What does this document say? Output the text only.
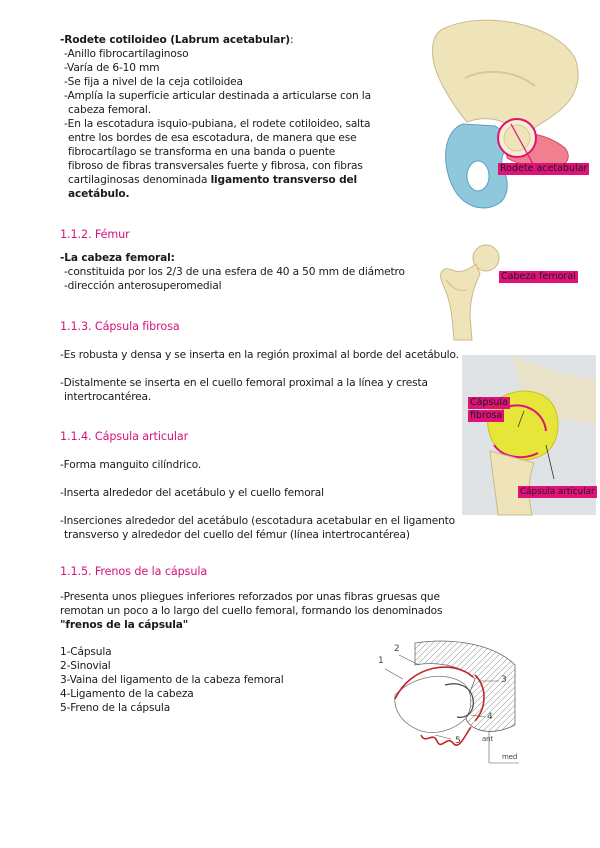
-Rodete cotiloideo (Labrum acetabular):
-Anillo fibrocartilaginoso
-Varía de 6-10 mm
-Se fija a nivel de la ceja cotiloidea
-Amplía la superficie articular destinada a articularse con la
cabeza femoral.
-En la escotadura isquio-pubiana, el rodete cotiloideo, salta
entre los bordes de esa escotadura, de manera que ese
fibrocartílago se transforma en una banda o puente
fibroso de fibras transversales fuerte y fibrosa, con fibras
cartilaginosas denominada ligamento transverso del
acetábulo.
Rodete acetabular
1.1.2. Fémur
-La cabeza femoral:
-constituida por los 2/3 de una esfera de 40 a 50 mm de diámetro
-dirección anterosuperomedial
Cabeza femoral
1.1.3. Cápsula fibrosa
-Es robusta y densa y se inserta en la región proximal al borde del acetábulo.
-Distalmente se inserta en el cuello femoral proximal a la línea y cresta
intertrocantérea.	Cápsula
fibrosa
Cápsula articular
1.1.4. Cápsula articular
-Forma manguito cilíndrico.
-Inserta alrededor del acetábulo y el cuello femoral
-Inserciones alrededor del acetábulo (escotadura acetabular en el ligamento
transverso y alrededor del cuello del fémur (línea intertrocantérea)
1.1.5. Frenos de la cápsula
-Presenta unos pliegues inferiores reforzados por unas fibras gruesas que
remotan un poco a lo largo del cuello femoral, formando los denominados
"frenos de la cápsula"
1-Cápsula
2-Sinovial
3-Vaina del ligamento de la cabeza femoral
4-Ligamento de la cabeza
5-Freno de la cápsula
1
2
3
4
5	ant
med
